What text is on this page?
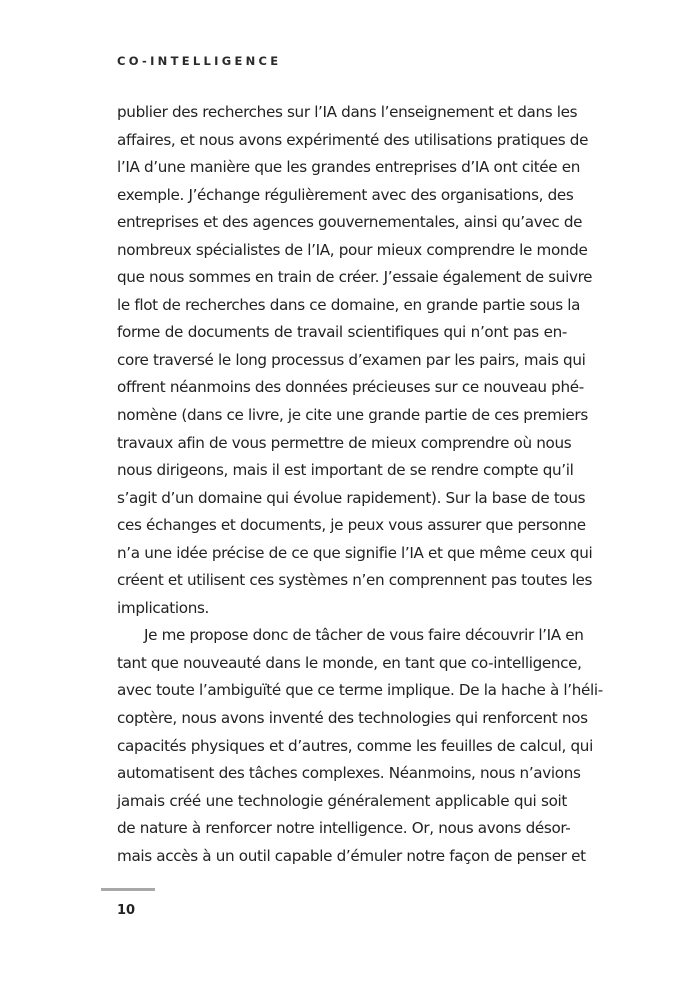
CO-INTELLIGENCE
publier des recherches sur l’IA dans l’enseignement et dans les
affaires, et nous avons expérimenté des utilisations pratiques de
l’IA d’une manière que les grandes entreprises d’IA ont citée en
exemple. J’échange régulièrement avec des organisations, des
entreprises et des agences gouvernementales, ainsi qu’avec de
nombreux spécialistes de l’IA, pour mieux comprendre le monde
que nous sommes en train de créer. J’essaie également de suivre
le flot de recherches dans ce domaine, en grande partie sous la
forme de documents de travail scientifiques qui n’ont pas en-
core traversé le long processus d’examen par les pairs, mais qui
offrent néanmoins des données précieuses sur ce nouveau phé-
nomène (dans ce livre, je cite une grande partie de ces premiers
travaux afin de vous permettre de mieux comprendre où nous
nous dirigeons, mais il est important de se rendre compte qu’il
s’agit d’un domaine qui évolue rapidement). Sur la base de tous
ces échanges et documents, je peux vous assurer que personne
n’a une idée précise de ce que signifie l’IA et que même ceux qui
créent et utilisent ces systèmes n’en comprennent pas toutes les
implications.
Je me propose donc de tâcher de vous faire découvrir l’IA en
tant que nouveauté dans le monde, en tant que co-intelligence,
avec toute l’ambiguïté que ce terme implique. De la hache à l’héli-
coptère, nous avons inventé des technologies qui renforcent nos
capacités physiques et d’autres, comme les feuilles de calcul, qui
automatisent des tâches complexes. Néanmoins, nous n’avions
jamais créé une technologie généralement applicable qui soit
de nature à renforcer notre intelligence. Or, nous avons désor-
mais accès à un outil capable d’émuler notre façon de penser et
10
